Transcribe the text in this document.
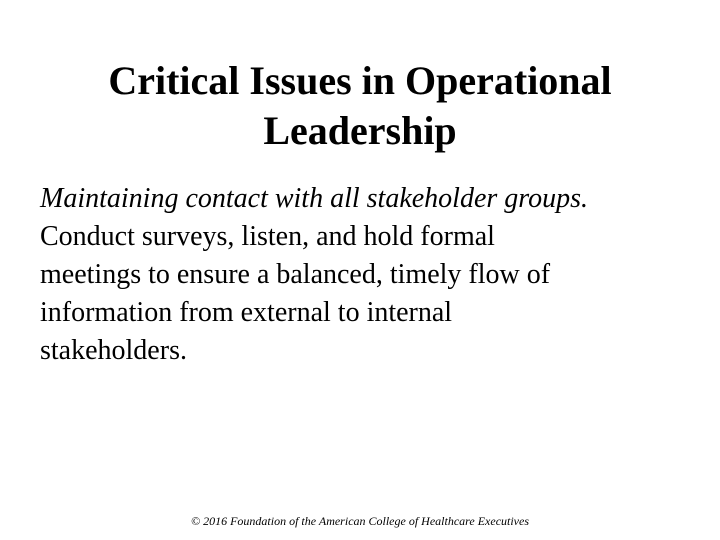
Critical Issues in Operational
Leadership
Maintaining contact with all stakeholder groups.

Conduct surveys, listen, and hold formal
meetings to ensure a balanced, timely flow of
information from external to internal
stakeholders.

© 2016 Foundation of the American College of Healthcare Executives
